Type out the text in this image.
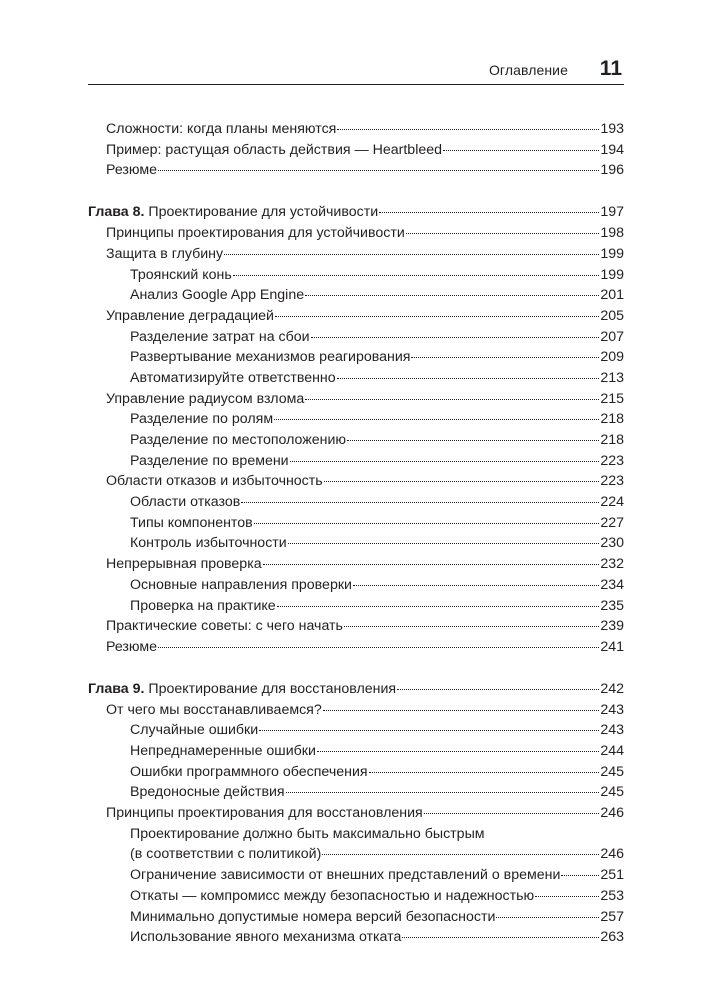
Оглавление 11
Сложности: когда планы меняются	193
Пример: растущая область действия — Heartbleed	194
Резюме	196
Глава 8. Проектирование для устойчивости	197
Принципы проектирования для устойчивости	198
Защита в глубину	199
Троянский конь	199
Анализ Google App Engine	201
Управление деградацией	205
Разделение затрат на сбои	207
Развертывание механизмов реагирования	209
Автоматизируйте ответственно	213
Управление радиусом взлома	215
Разделение по ролям	218
Разделение по местоположению	218
Разделение по времени	223
Области отказов и избыточность	223
Области отказов	224
Типы компонентов	227
Контроль избыточности	230
Непрерывная проверка	232
Основные направления проверки	234
Проверка на практике	235
Практические советы: с чего начать	239
Резюме	241
Глава 9. Проектирование для восстановления	242
От чего мы восстанавливаемся?	243
Случайные ошибки	243
Непреднамеренные ошибки	244
Ошибки программного обеспечения	245
Вредоносные действия	245
Принципы проектирования для восстановления	246
Проектирование должно быть максимально быстрым
(в соответствии с политикой)	246
Ограничение зависимости от внешних представлений о времени	251
Откаты — компромисс между безопасностью и надежностью	253
Минимально допустимые номера версий безопасности	257
Использование явного механизма отката	263
